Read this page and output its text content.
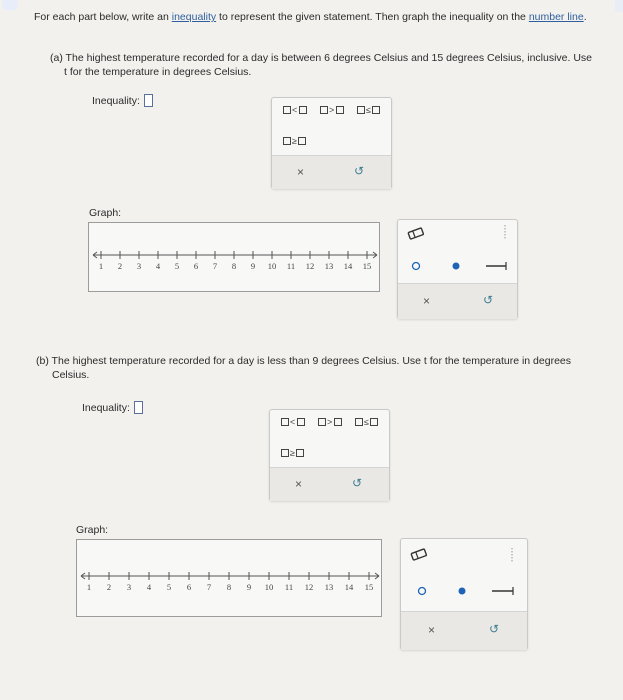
For each part below, write an inequality to represent the given statement. Then graph the inequality on the number line.
(a) The highest temperature recorded for a day is between 6 degrees Celsius and 15 degrees Celsius, inclusive. Use t for the temperature in degrees Celsius.
Inequality:
<	>	≤
≥
×	↺
Graph:
1 2 3 4 5 6 7 8 9 10 11 12 13 14 15
×	↺
(b) The highest temperature recorded for a day is less than 9 degrees Celsius. Use t for the temperature in degrees Celsius.
Inequality:
<	>	≤
≥
×	↺
Graph:
1 2 3 4 5 6 7 8 9 10 11 12 13 14 15
×	↺
